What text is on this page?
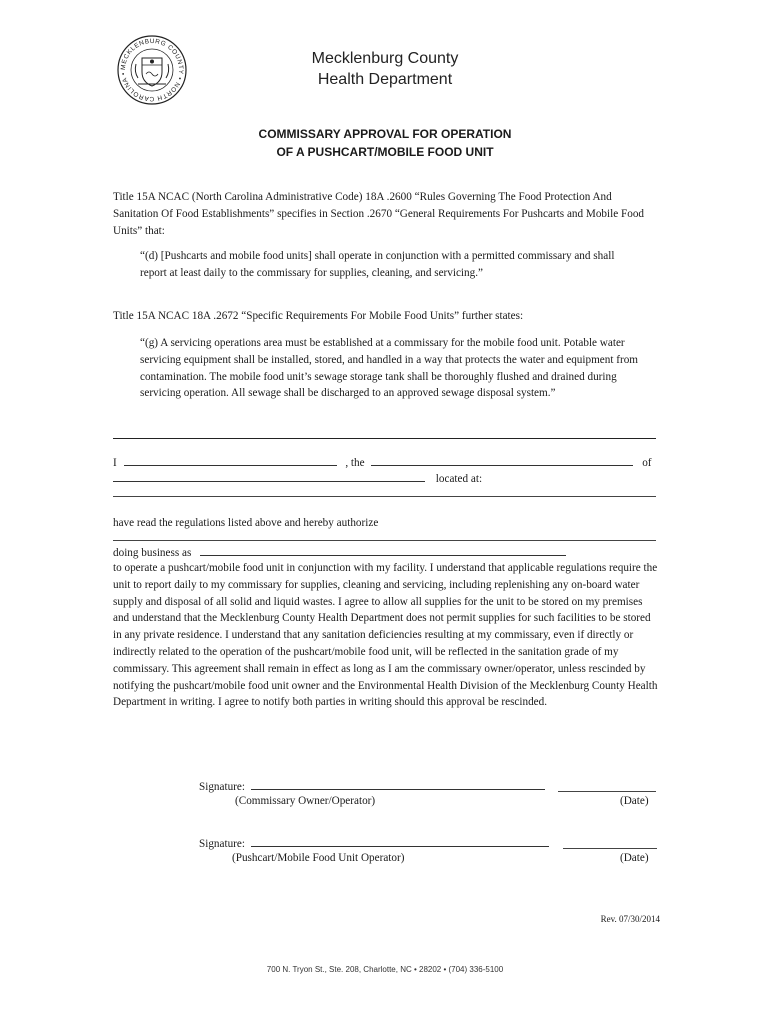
MECKLENBURG COUNTY • NORTH CAROLINA •
Mecklenburg County
Health Department
COMMISSARY APPROVAL FOR OPERATION
OF A PUSHCART/MOBILE FOOD UNIT
Title 15A NCAC (North Carolina Administrative Code) 18A .2600 “Rules Governing The Food Protection And Sanitation Of Food Establishments” specifies in Section .2670 “General Requirements For Pushcarts and Mobile Food Units” that:
“(d) [Pushcarts and mobile food units] shall operate in conjunction with a permitted commissary and shall report at least daily to the commissary for supplies, cleaning, and servicing.”
Title 15A NCAC 18A .2672 “Specific Requirements For Mobile Food Units” further states:
“(g) A servicing operations area must be established at a commissary for the mobile food unit. Potable water servicing equipment shall be installed, stored, and handled in a way that protects the water and equipment from contamination. The mobile food unit’s sewage storage tank shall be thoroughly flushed and drained during servicing operation. All sewage shall be discharged to an approved sewage disposal system.”
I	, the	of
located at:
have read the regulations listed above and hereby authorize
doing business as
to operate a pushcart/mobile food unit in conjunction with my facility. I understand that applicable regulations require the unit to report daily to my commissary for supplies, cleaning and servicing, including replenishing any on-board water supply and disposal of all solid and liquid wastes. I agree to allow all supplies for the unit to be stored on my premises and understand that the Mecklenburg County Health Department does not permit supplies for such facilities to be stored in any private residence. I understand that any sanitation deficiencies resulting at my commissary, even if directly or indirectly related to the operation of the pushcart/mobile food unit, will be reflected in the sanitation grade of my commissary. This agreement shall remain in effect as long as I am the commissary owner/operator, unless rescinded by notifying the pushcart/mobile food unit owner and the Environmental Health Division of the Mecklenburg County Health Department in writing. I agree to notify both parties in writing should this approval be rescinded.
Signature:
(Commissary Owner/Operator)	(Date)
Signature:
(Pushcart/Mobile Food Unit Operator)	(Date)
Rev. 07/30/2014
700 N. Tryon St., Ste. 208, Charlotte, NC • 28202 • (704) 336-5100
